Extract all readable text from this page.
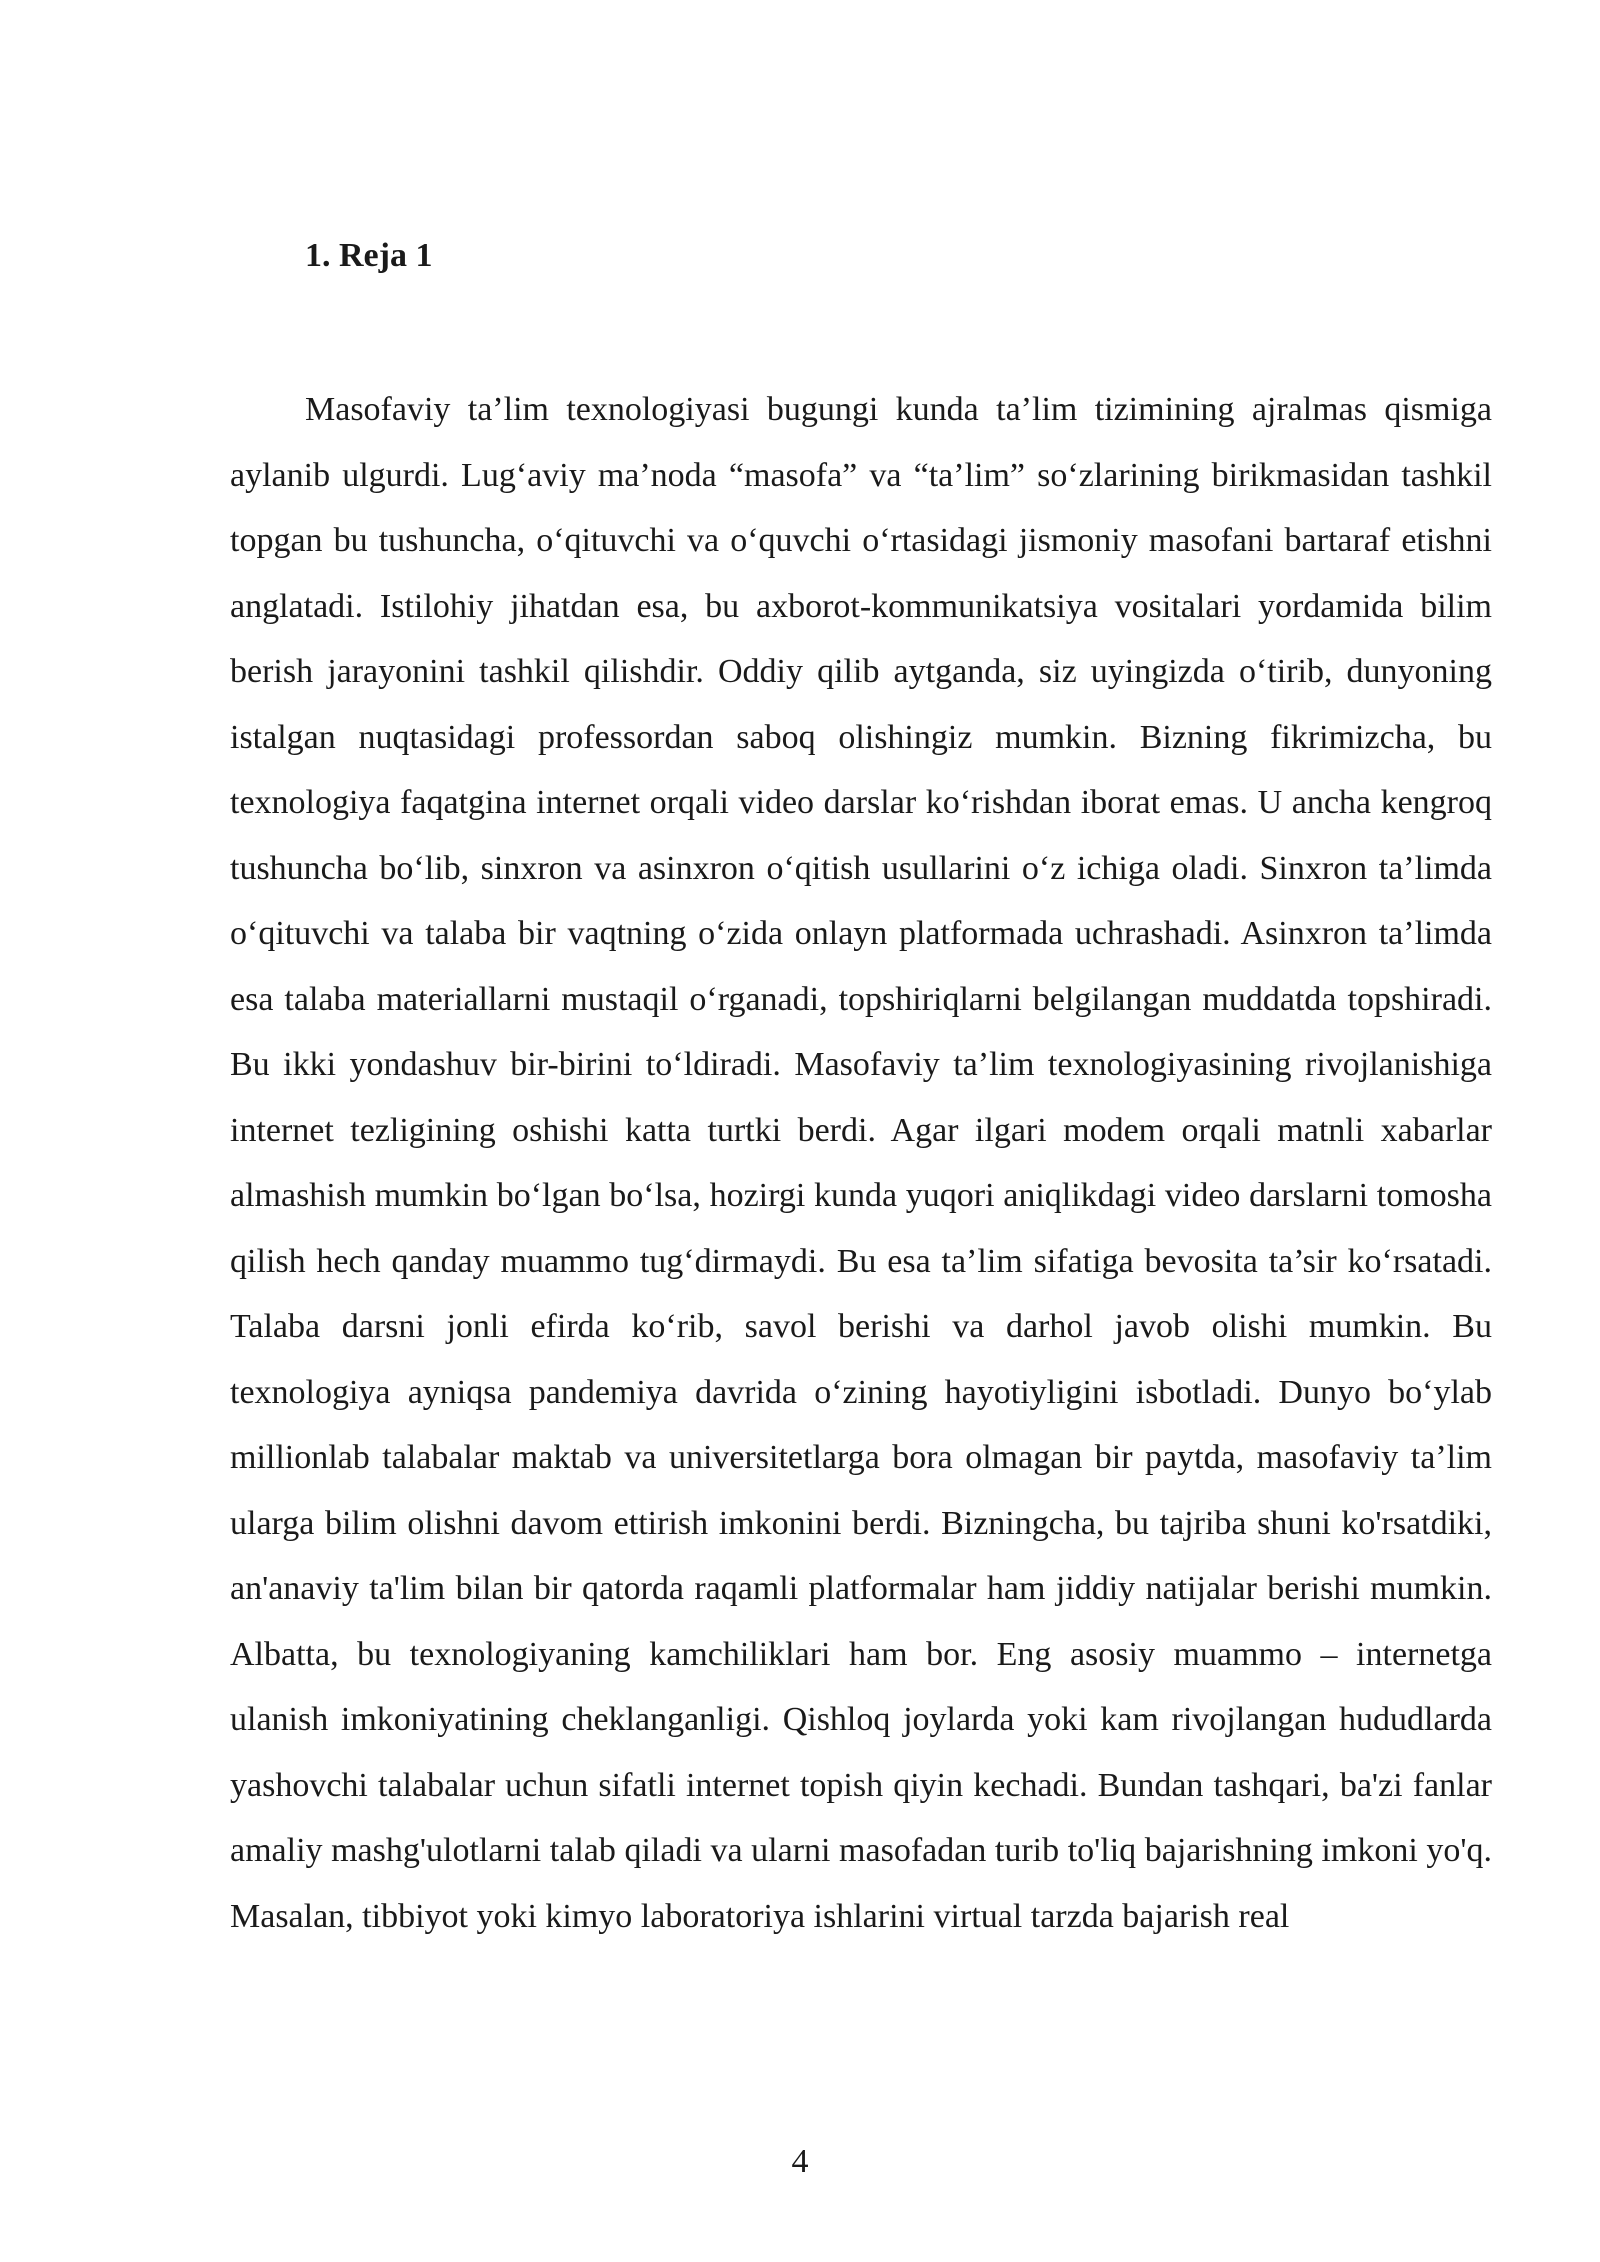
1. Reja 1

Masofaviy ta’lim texnologiyasi bugungi kunda ta’lim tizimining ajralmas qismiga aylanib ulgurdi. Lug‘aviy ma’noda “masofa” va “ta’lim” so‘zlarining birikmasidan tashkil topgan bu tushuncha, o‘qituvchi va o‘quvchi o‘rtasidagi jismoniy masofani bartaraf etishni anglatadi. Istilohiy jihatdan esa, bu axborot-kommunikatsiya vositalari yordamida bilim berish jarayonini tashkil qilishdir. Oddiy qilib aytganda, siz uyingizda o‘tirib, dunyoning istalgan nuqtasidagi professordan saboq olishingiz mumkin. Bizning fikrimizcha, bu texnologiya faqatgina internet orqali video darslar ko‘rishdan iborat emas. U ancha kengroq tushuncha bo‘lib, sinxron va asinxron o‘qitish usullarini o‘z ichiga oladi. Sinxron ta’limda o‘qituvchi va talaba bir vaqtning o‘zida onlayn platformada uchrashadi. Asinxron ta’limda esa talaba materiallarni mustaqil o‘rganadi, topshiriqlarni belgilangan muddatda topshiradi. Bu ikki yondashuv bir-birini to‘ldiradi. Masofaviy ta’lim texnologiyasining rivojlanishiga internet tezligining oshishi katta turtki berdi. Agar ilgari modem orqali matnli xabarlar almashish mumkin bo‘lgan bo‘lsa, hozirgi kunda yuqori aniqlikdagi video darslarni tomosha qilish hech qanday muammo tug‘dirmaydi. Bu esa ta’lim sifatiga bevosita ta’sir ko‘rsatadi. Talaba darsni jonli efirda ko‘rib, savol berishi va darhol javob olishi mumkin. Bu texnologiya ayniqsa pandemiya davrida o‘zining hayotiyligini isbotladi. Dunyo bo‘ylab millionlab talabalar maktab va universitetlarga bora olmagan bir paytda, masofaviy ta’lim ularga bilim olishni davom ettirish imkonini berdi. Bizningcha, bu tajriba shuni ko'rsatdiki, an'anaviy ta'lim bilan bir qatorda raqamli platformalar ham jiddiy natijalar berishi mumkin. Albatta, bu texnologiyaning kamchiliklari ham bor. Eng asosiy muammo – internetga ulanish imkoniyatining cheklanganligi. Qishloq joylarda yoki kam rivojlangan hududlarda yashovchi talabalar uchun sifatli internet topish qiyin kechadi. Bundan tashqari, ba'zi fanlar amaliy mashg'ulotlarni talab qiladi va ularni masofadan turib to'liq bajarishning imkoni yo'q. Masalan, tibbiyot yoki kimyo laboratoriya ishlarini virtual tarzda bajarish real

4
